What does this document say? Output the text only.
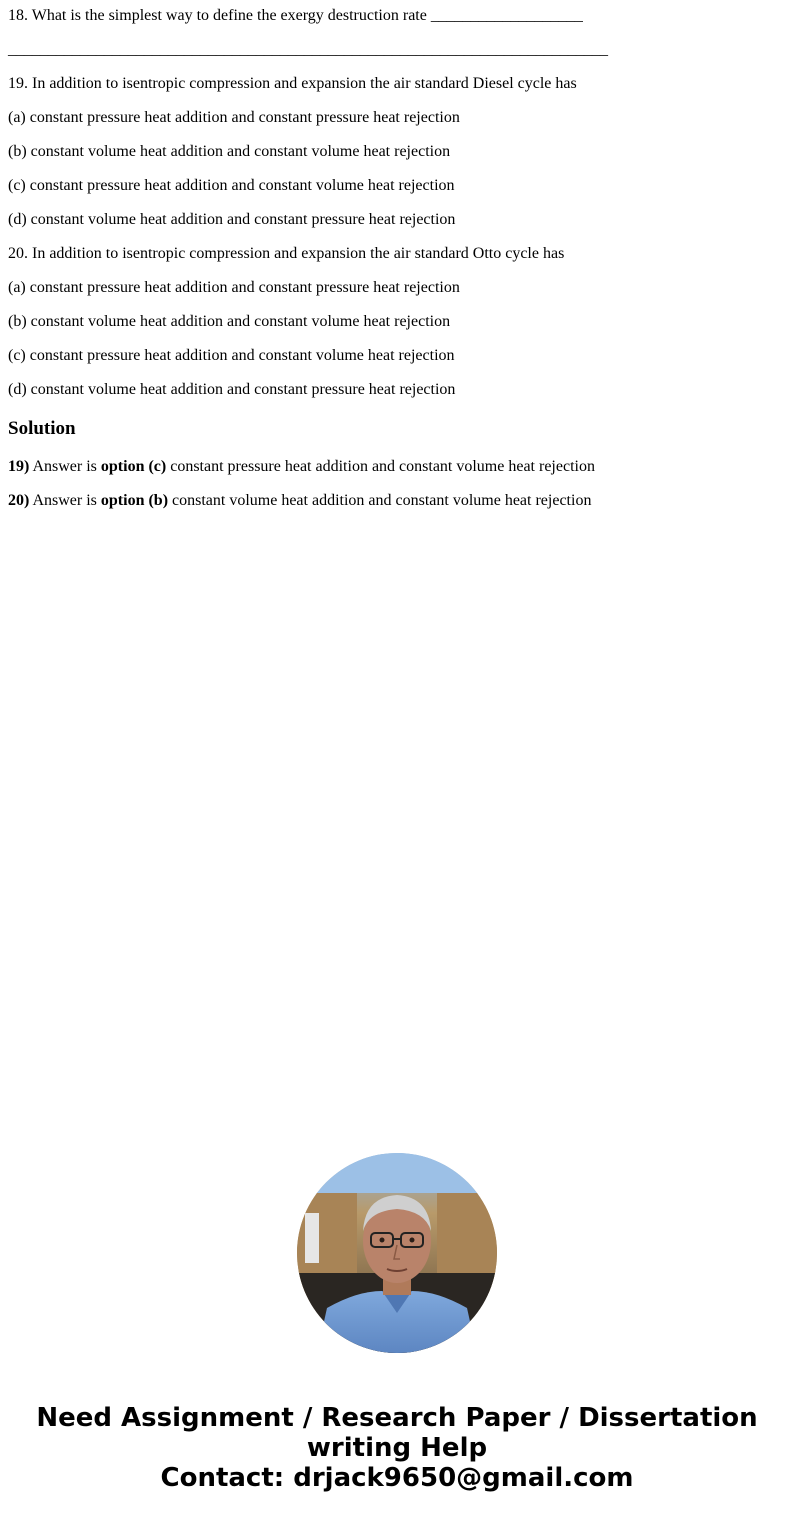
18. What is the simplest way to define the exergy destruction rate ___________________

___________________________________________________________________________

19. In addition to isentropic compression and expansion the air standard Diesel cycle has

(a) constant pressure heat addition and constant pressure heat rejection

(b) constant volume heat addition and constant volume heat rejection

(c) constant pressure heat addition and constant volume heat rejection

(d) constant volume heat addition and constant pressure heat rejection

20. In addition to isentropic compression and expansion the air standard Otto cycle has

(a) constant pressure heat addition and constant pressure heat rejection

(b) constant volume heat addition and constant volume heat rejection

(c) constant pressure heat addition and constant volume heat rejection

(d) constant volume heat addition and constant pressure heat rejection

Solution

19) Answer is option (c) constant pressure heat addition and constant volume heat rejection

20) Answer is option (b) constant volume heat addition and constant volume heat rejection

Need Assignment / Research Paper / Dissertation
writing Help
Contact: drjack9650@gmail.com
